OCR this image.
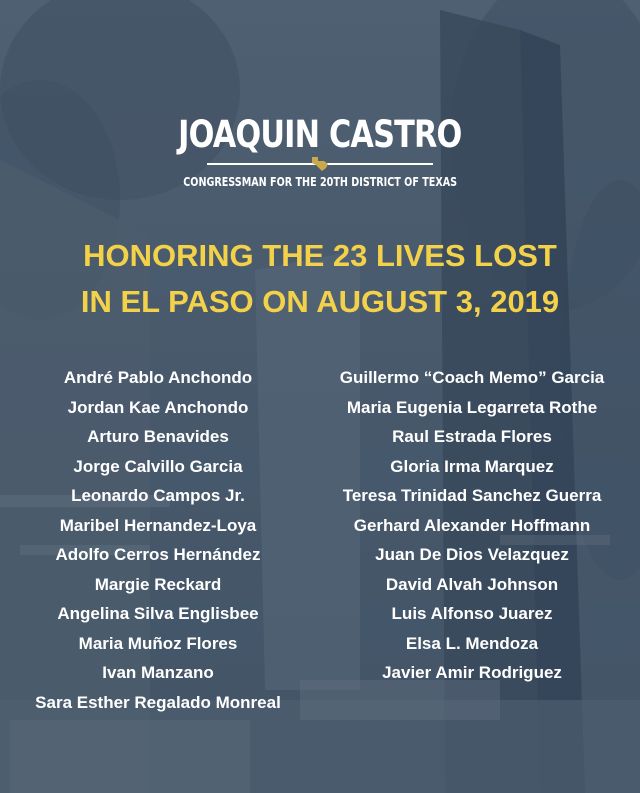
JOAQUIN CASTRO
CONGRESSMAN FOR THE 20TH DISTRICT OF TEXAS
HONORING THE 23 LIVES LOST
IN EL PASO ON AUGUST 3, 2019
André Pablo Anchondo
Jordan Kae Anchondo
Arturo Benavides
Jorge Calvillo Garcia
Leonardo Campos Jr.
Maribel Hernandez-Loya
Adolfo Cerros Hernández
Margie Reckard
Angelina Silva Englisbee
Maria Muñoz Flores
Ivan Manzano
Sara Esther Regalado Monreal
Guillermo “Coach Memo” Garcia
Maria Eugenia Legarreta Rothe
Raul Estrada Flores
Gloria Irma Marquez
Teresa Trinidad Sanchez Guerra
Gerhard Alexander Hoffmann
Juan De Dios Velazquez
David Alvah Johnson
Luis Alfonso Juarez
Elsa L. Mendoza
Javier Amir Rodriguez
